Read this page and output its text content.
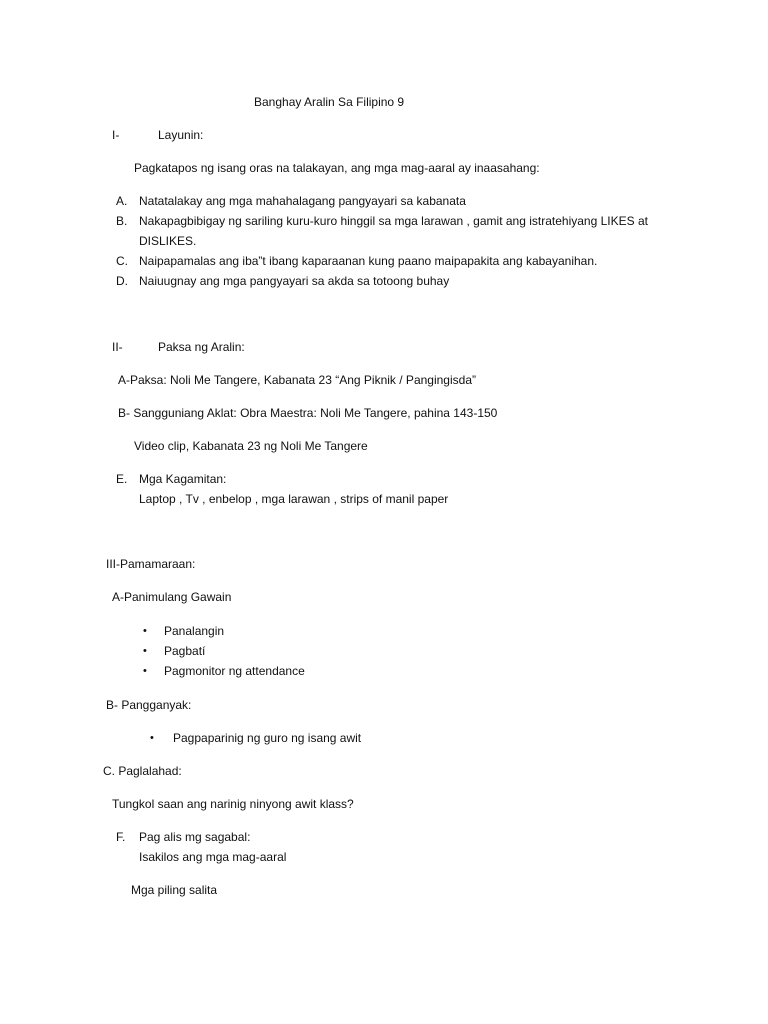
Banghay Aralin Sa Filipino 9
I-	Layunin:
Pagkatapos ng isang oras na talakayan, ang mga mag-aaral ay inaasahang:
A. Natatalakay ang mga mahahalagang pangyayari sa kabanata
B. Nakapagbibigay ng sariling kuru-kuro hinggil sa mga larawan , gamit ang istratehiyang LIKES at
DISLIKES.
C. Naipapamalas ang iba”t ibang kaparaanan kung paano maipapakita ang kabayanihan.
D. Naiuugnay ang mga pangyayari sa akda sa totoong buhay
II-	Paksa ng Aralin:
A-Paksa: Noli Me Tangere, Kabanata 23 “Ang Piknik / Pangingisda”
B- Sangguniang Aklat: Obra Maestra: Noli Me Tangere, pahina 143-150
Video clip, Kabanata 23 ng Noli Me Tangere
E. Mga Kagamitan:
Laptop , Tv , enbelop , mga larawan , strips of manil paper
III-Pamamaraan:
A-Panimulang Gawain
• Panalangin
• Pagbatí
• Pagmonitor ng attendance
B- Pangganyak:
• Pagpaparinig ng guro ng isang awit
C. Paglalahad:
Tungkol saan ang narinig ninyong awit klass?
F. Pag alis mg sagabal:
Isakilos ang mga mag-aaral
Mga piling salita
